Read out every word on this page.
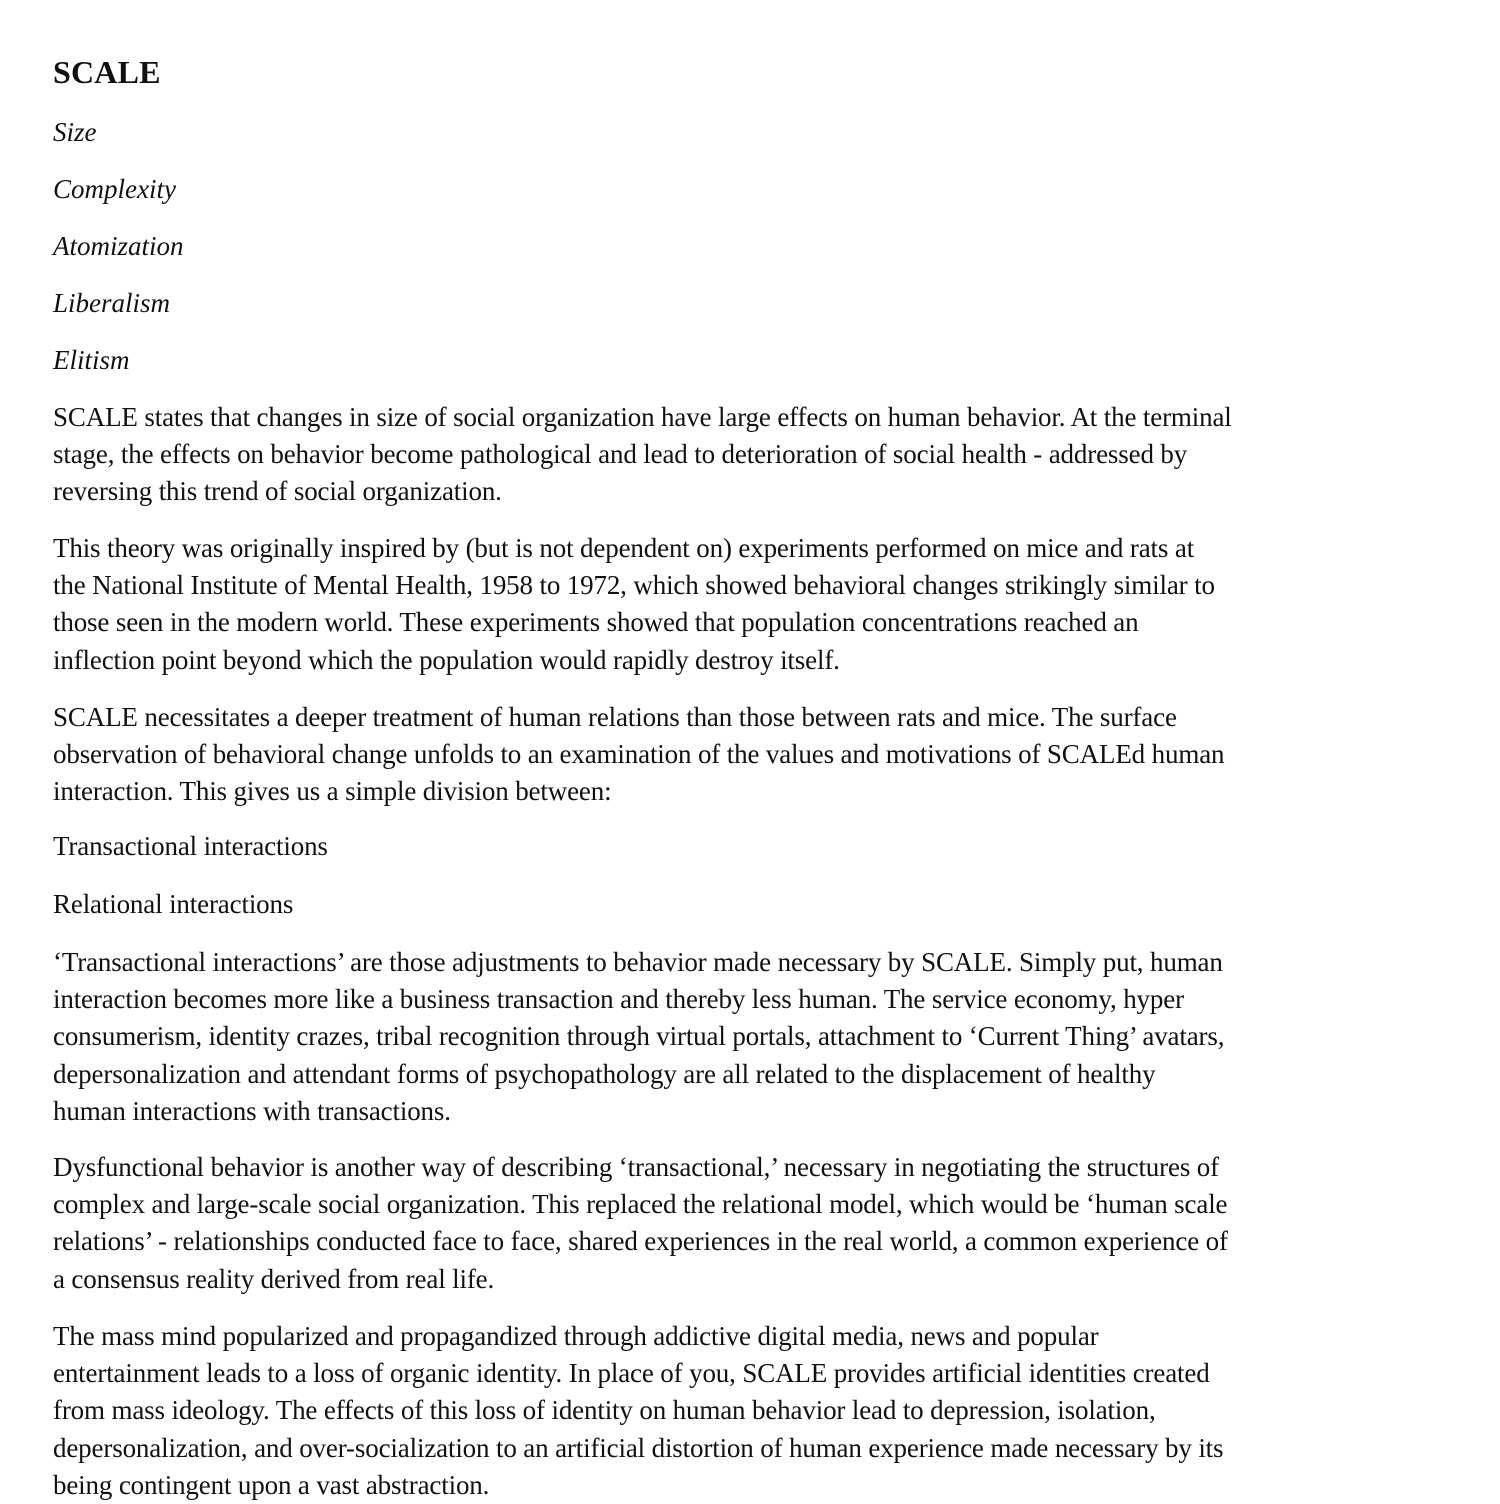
SCALE
Size
Complexity
Atomization
Liberalism
Elitism
SCALE states that changes in size of social organization have large effects on human behavior. At the terminal
stage, the effects on behavior become pathological and lead to deterioration of social health - addressed by
reversing this trend of social organization.
This theory was originally inspired by (but is not dependent on) experiments performed on mice and rats at
the National Institute of Mental Health, 1958 to 1972, which showed behavioral changes strikingly similar to
those seen in the modern world. These experiments showed that population concentrations reached an
inflection point beyond which the population would rapidly destroy itself.
SCALE necessitates a deeper treatment of human relations than those between rats and mice. The surface
observation of behavioral change unfolds to an examination of the values and motivations of SCALEd human
interaction. This gives us a simple division between:
Transactional interactions
Relational interactions
‘Transactional interactions’ are those adjustments to behavior made necessary by SCALE. Simply put, human
interaction becomes more like a business transaction and thereby less human. The service economy, hyper
consumerism, identity crazes, tribal recognition through virtual portals, attachment to ‘Current Thing’ avatars,
depersonalization and attendant forms of psychopathology are all related to the displacement of healthy
human interactions with transactions.
Dysfunctional behavior is another way of describing ‘transactional,’ necessary in negotiating the structures of
complex and large-scale social organization. This replaced the relational model, which would be ‘human scale
relations’ - relationships conducted face to face, shared experiences in the real world, a common experience of
a consensus reality derived from real life.
The mass mind popularized and propagandized through addictive digital media, news and popular
entertainment leads to a loss of organic identity. In place of you, SCALE provides artificial identities created
from mass ideology. The effects of this loss of identity on human behavior lead to depression, isolation,
depersonalization, and over-socialization to an artificial distortion of human experience made necessary by its
being contingent upon a vast abstraction.
